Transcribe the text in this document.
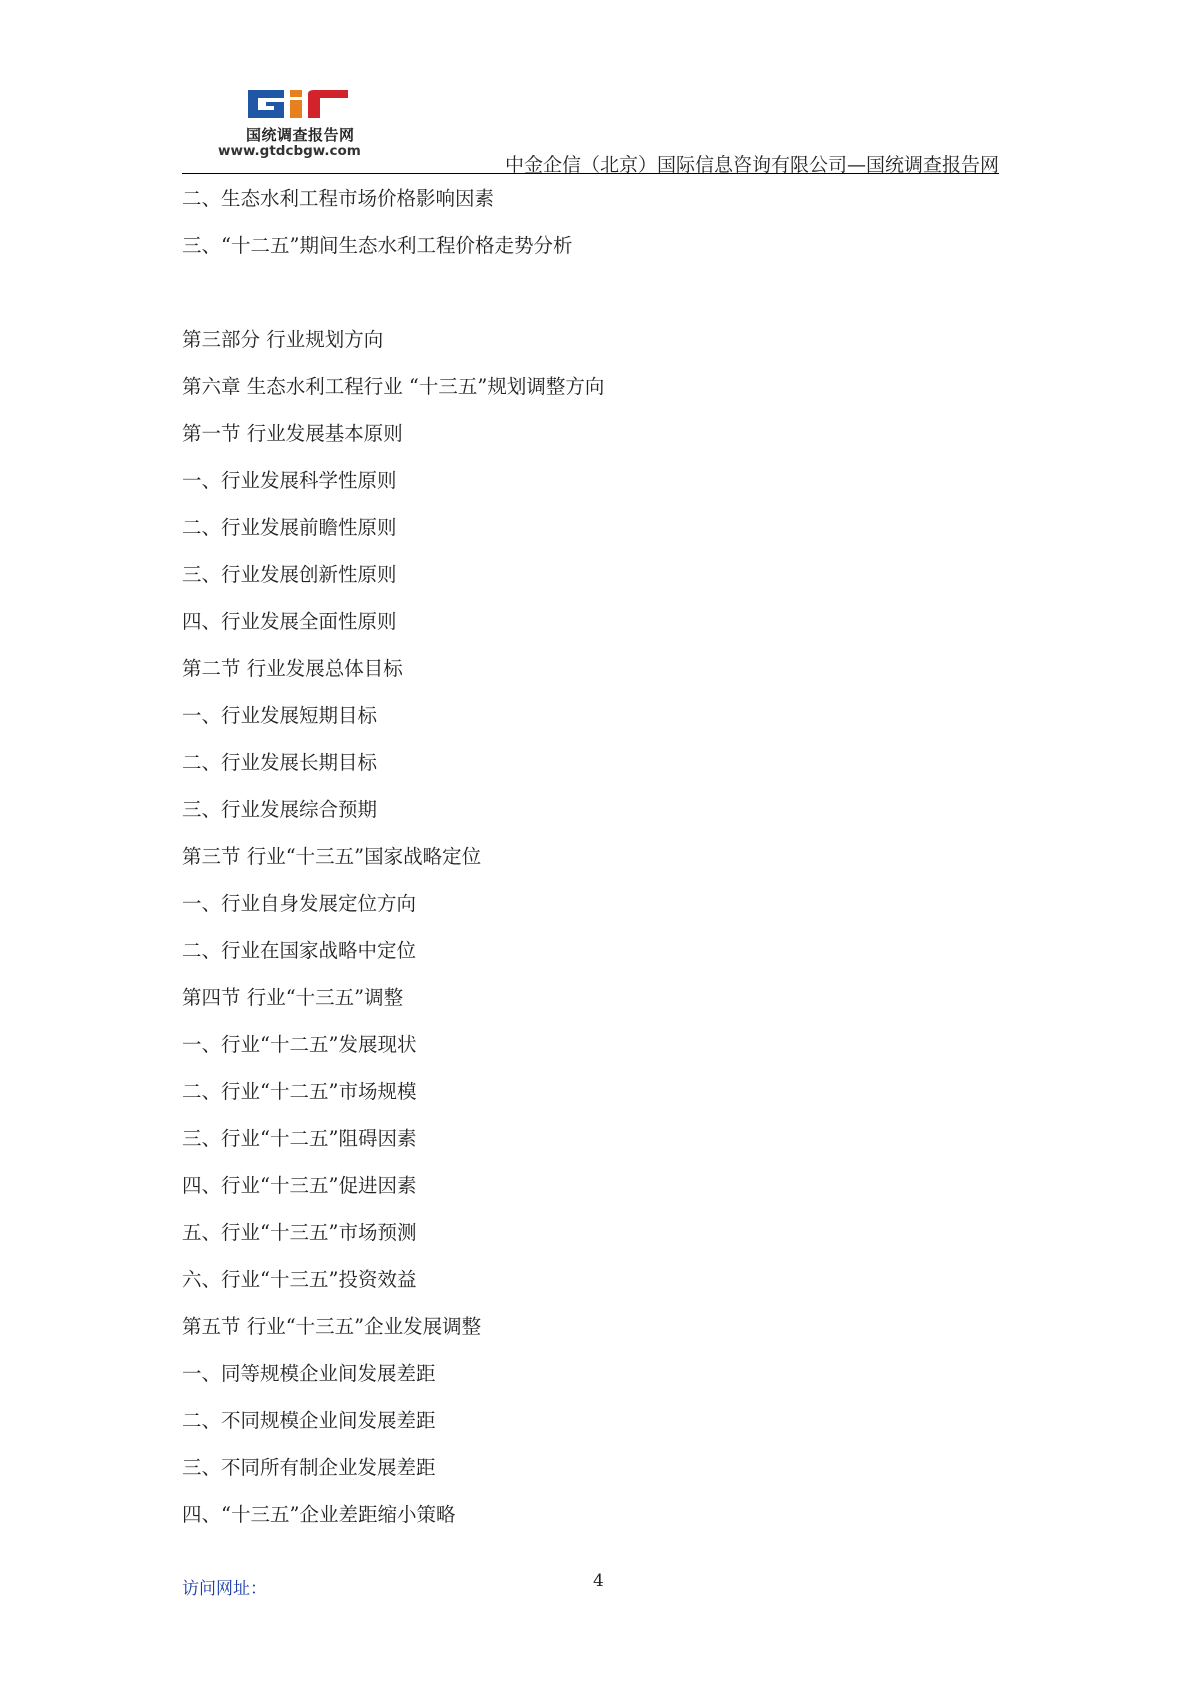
国统调查报告网
www.gtdcbgw.com
中金企信（北京）国际信息咨询有限公司—国统调查报告网
二、生态水利工程市场价格影响因素
三、“十二五”期间生态水利工程价格走势分析
第三部分 行业规划方向
第六章 生态水利工程行业 “十三五”规划调整方向
第一节 行业发展基本原则
一、行业发展科学性原则
二、行业发展前瞻性原则
三、行业发展创新性原则
四、行业发展全面性原则
第二节 行业发展总体目标
一、行业发展短期目标
二、行业发展长期目标
三、行业发展综合预期
第三节 行业“十三五”国家战略定位
一、行业自身发展定位方向
二、行业在国家战略中定位
第四节 行业“十三五”调整
一、行业“十二五”发展现状
二、行业“十二五”市场规模
三、行业“十二五”阻碍因素
四、行业“十三五”促进因素
五、行业“十三五”市场预测
六、行业“十三五”投资效益
第五节 行业“十三五”企业发展调整
一、同等规模企业间发展差距
二、不同规模企业间发展差距
三、不同所有制企业发展差距
四、“十三五”企业差距缩小策略
访问网址：	4
